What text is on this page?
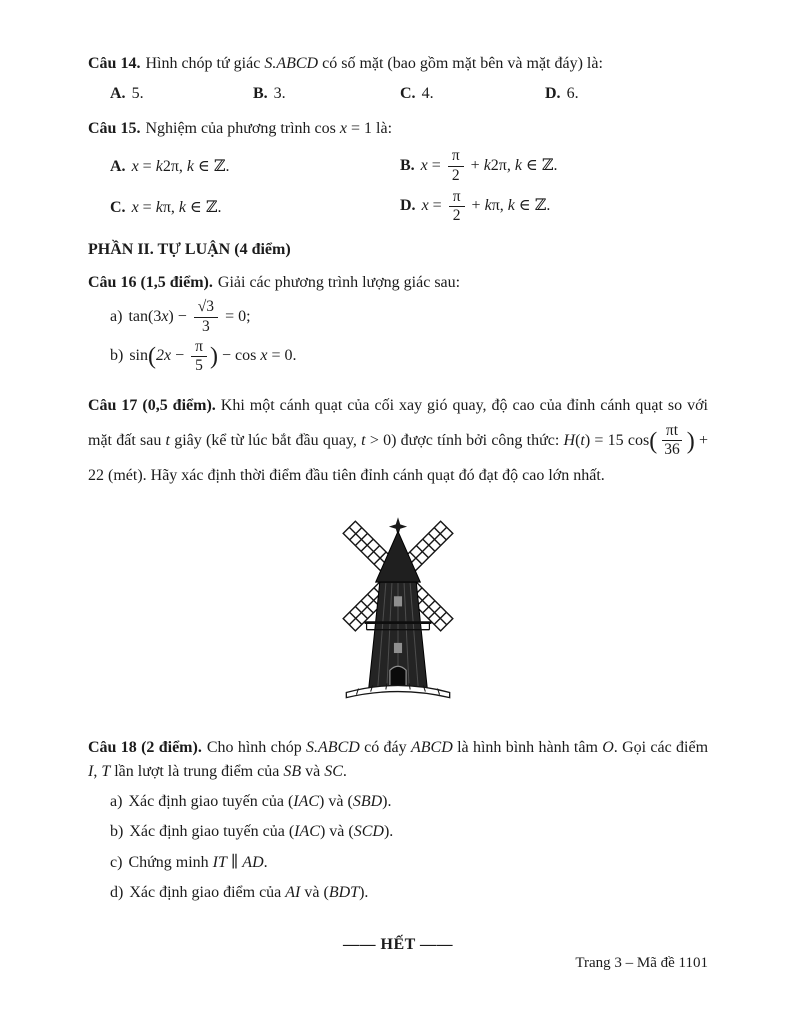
Câu 14. Hình chóp tứ giác S.ABCD có số mặt (bao gồm mặt bên và mặt đáy) là:

A. 5.	B. 3.	C. 4.	D. 6.

Câu 15. Nghiệm của phương trình cos x = 1 là:

A. x = k2π, k ∈ ℤ.	B. $x = \frac{\pi}{2} + k2\pi$, k ∈ ℤ.
C. x = kπ, k ∈ ℤ.	D. $x = \frac{\pi}{2} + k\pi$, k ∈ ℤ.
PHẦN II. TỰ LUẬN (4 điểm)

Câu 16 (1,5 điểm). Giải các phương trình lượng giác sau:

a) $\tan(3x) - \frac{√3}{3} = 0$;

b) $\sin(2x - \frac{\pi}{5}$ ) − cos x = 0.

Câu 17 (0,5 điểm). Khi một cánh quạt của cối xay gió quay, độ cao của đỉnh cánh quạt so với mặt đất sau t giây (kể từ lúc bắt đầu quay, t > 0) được tính bởi công thức: H(t) = 15 $\cos( \frac{\pi t}{36}$ ) + 22 (mét). Hãy xác định thời điểm đầu tiên đỉnh cánh quạt đó đạt độ cao lớn nhất.

Câu 18 (2 điểm). Cho hình chóp S.ABCD có đáy ABCD là hình bình hành tâm O. Gọi các điểm I, T lần lượt là trung điểm của SB và SC.

a) Xác định giao tuyến của (IAC) và (SBD).

b) Xác định giao tuyến của (IAC) và (SCD).

c) Chứng minh IT ∥ AD.

d) Xác định giao điểm của AI và (BDT).

—— HẾT ——

Trang 3 – Mã đề 1101
